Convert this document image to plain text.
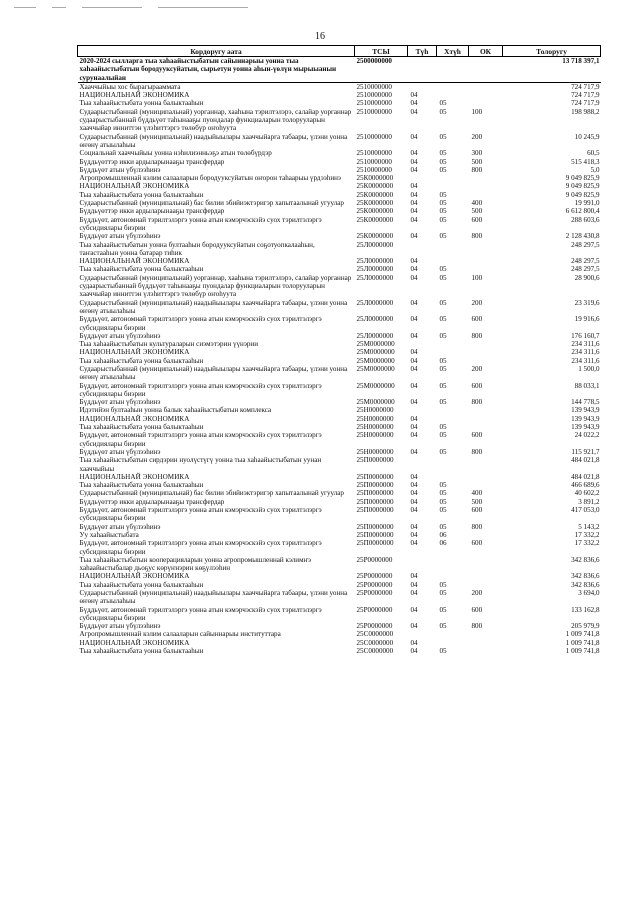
16
Кордоругу аата	ТСЫ	Түһ	Хтүһ	ОК	Толоругу
2020-2024 сылларга тыа хаһаайыстыбатын сайыннарыы уонна тыа хаһаайыстыбатын бородууксуйатын, сырьетун уонна аһын-үөлүн мырыыанын сурунаалыйан	2500000000				13 718 397,1
Хааччыйыы хос бырагырааммата	2510000000				724 717,9
НАЦИОНАЛЬНАЙ ЭКОНОМИКА	2510000000	04			724 717,9
Тыа хаһаайыстыбата уонна балыктааһын	2510000000	04	05		724 717,9
Судаарыстыбаннай (муниципальнай) уорганнар, хааһына тэрилтэлэрэ, салайар уорганнар судаарыстыбаннай бүддьүөт таһынааҕы пуондалар функциаларын толорууларын хааччыйар инниттэн үлэһиттэргэ төлөбүр оҥоһуута	2510000000	04	05	100	198 988,2
Судаарыстыбаннай (муниципальнай) наадыйыылары хааччыйарга табаары, үлэни уонна өҥөнү атыылаһыы	2510000000	04	05	200	10 245,9
Социальнай хааччыйыы уонна нэһилиэнньэҕэ атын төлөбүрдэр	2510000000	04	05	300	60,5
Бүддьүөттэр икки ардыларынааҕы трансфердар	2510000000	04	05	500	515 418,3
Бүддьүөт атын үбүлээһинэ	2510000000	04	05	800	5,0
Агропромышленнай кэлим салааларын бородууксуйатын оҥорон таһаарыы үрдээһинэ	25К0000000				9 049 825,9
НАЦИОНАЛЬНАЙ ЭКОНОМИКА	25К0000000	04			9 049 825,9
Тыа хаһаайыстыбата уонна балыктааһын	25К0000000	04	05		9 049 825,9
Судаарыстыбаннай (муниципальнай) бас билии эбийиэктэригэр хапытаалынай угуулар	25К0000000	04	05	400	19 991,0
Бүддьүөттэр икки ардыларынааҕы трансфердар	25К0000000	04	05	500	6 612 800,4
Бүддьүөт, автономнай тэрилтэлэргэ уонна атын кэмэрчэскэйэ суох тэрилтэлэргэ субсидиялары биэрии	25К0000000	04	05	600	288 603,6
Бүддьүөт атын үбүлээһинэ	25К0000000	04	05	800	2 128 430,8
Тыа хаһаайыстыбатын уонна бултааһын бородууксуйатын соҕотуопкалааһын, таҥастааһын уонна батарар тиһик	25Л0000000				248 297,5
НАЦИОНАЛЬНАЙ ЭКОНОМИКА	25Л0000000	04			248 297,5
Тыа хаһаайыстыбата уонна балыктааһын	25Л0000000	04	05		248 297,5
Судаарыстыбаннай (муниципальнай) уорганнар, хааһына тэрилтэлэрэ, салайар уорганнар судаарыстыбаннай бүддьүөт таһынааҕы пуондалар функциаларын толорууларын хааччыйар инниттэн үлэһиттэргэ төлөбүр оҥоһуута	25Л0000000	04	05	100	28 900,6
Судаарыстыбаннай (муниципальнай) наадыйыылары хааччыйарга табаары, үлэни уонна өҥөнү атыылаһыы	25Л0000000	04	05	200	23 319,6
Бүддьүөт, автономнай тэрилтэлэргэ уонна атын кэмэрчэскэйэ суох тэрилтэлэргэ субсидиялары биэрии	25Л0000000	04	05	600	19 916,6
Бүддьүөт атын үбүлээһинэ	25Л0000000	04	05	800	176 160,7
Тыа хаһаайыстыбатын культураларын сиэмэтэрин үүнэрии	25М0000000				234 311,6
НАЦИОНАЛЬНАЙ ЭКОНОМИКА	25М0000000	04			234 311,6
Тыа хаһаайыстыбата уонна балыктааһын	25М0000000	04	05		234 311,6
Судаарыстыбаннай (муниципальнай) наадыйыылары хааччыйарга табаары, үлэни уонна өҥөнү атыылаһыы	25М0000000	04	05	200	1 500,0
Бүддьүөт, автономнай тэрилтэлэргэ уонна атын кэмэрчэскэйэ суох тэрилтэлэргэ субсидиялары биэрии	25М0000000	04	05	600	88 033,1
Бүддьүөт атын үбүлээһинэ	25М0000000	04	05	800	144 778,5
Идэтийэн бултааһын уонна балык хаһаайыстыбатын комплекса	25Н0000000				139 943,9
НАЦИОНАЛЬНАЙ ЭКОНОМИКА	25Н0000000	04			139 943,9
Тыа хаһаайыстыбата уонна балыктааһын	25Н0000000	04	05		139 943,9
Бүддьүөт, автономнай тэрилтэлэргэ уонна атын кэмэрчэскэйэ суох тэрилтэлэргэ субсидиялары биэрии	25Н0000000	04	05	600	24 022,2
Бүддьүөт атын үбүлээһинэ	25Н0000000	04	05	800	115 921,7
Тыа хаһаайыстыбатын сирдэрин нуолүстүгү уонна тыа хаһаайыстыбатын уунан хааччыйыы	25П0000000				484 021,8
НАЦИОНАЛЬНАЙ ЭКОНОМИКА	25П0000000	04			484 021,8
Тыа хаһаайыстыбата уонна балыктааһын	25П0000000	04	05		466 689,6
Судаарыстыбаннай (муниципальнай) бас билии эбийиэктэригэр хапытаалынай угуулар	25П0000000	04	05	400	40 602,2
Бүддьүөттэр икки ардыларынааҕы трансфердар	25П0000000	04	05	500	3 891,2
Бүддьүөт, автономнай тэрилтэлэргэ уонна атын кэмэрчэскэйэ суох тэрилтэлэргэ субсидиялары биэрии	25П0000000	04	05	600	417 053,0
Бүддьүөт атын үбүлээһинэ	25П0000000	04	05	800	5 143,2
Уу хаһаайыстыбата	25П0000000	04	06		17 332,2
Бүддьүөт, автономнай тэрилтэлэргэ уонна атын кэмэрчэскэйэ суох тэрилтэлэргэ субсидиялары биэрии	25П0000000	04	06	600	17 332,2
Тыа хаһаайыстыбатын кооперацияларын уонна агропромышленнай кэлимҥэ хаһаайыстыбалар дьоҕус көрүҥнэрин көҕүлээһин	25Р0000000				342 836,6
НАЦИОНАЛЬНАЙ ЭКОНОМИКА	25Р0000000	04			342 836,6
Тыа хаһаайыстыбата уонна балыктааһын	25Р0000000	04	05		342 836,6
Судаарыстыбаннай (муниципальнай) наадыйыылары хааччыйарга табаары, үлэни уонна өҥөнү атыылаһыы	25Р0000000	04	05	200	3 694,0
Бүддьүөт, автономнай тэрилтэлэргэ уонна атын кэмэрчэскэйэ суох тэрилтэлэргэ субсидиялары биэрии	25Р0000000	04	05	600	133 162,8
Бүддьүөт атын үбүлээһинэ	25Р0000000	04	05	800	205 979,9
Агропромышленнай кэлим салааларын сайыннарыы институттара	25С0000000				1 009 741,8
НАЦИОНАЛЬНАЙ ЭКОНОМИКА	25С0000000	04			1 009 741,8
Тыа хаһаайыстыбата уонна балыктааһын	25С0000000	04	05		1 009 741,8
